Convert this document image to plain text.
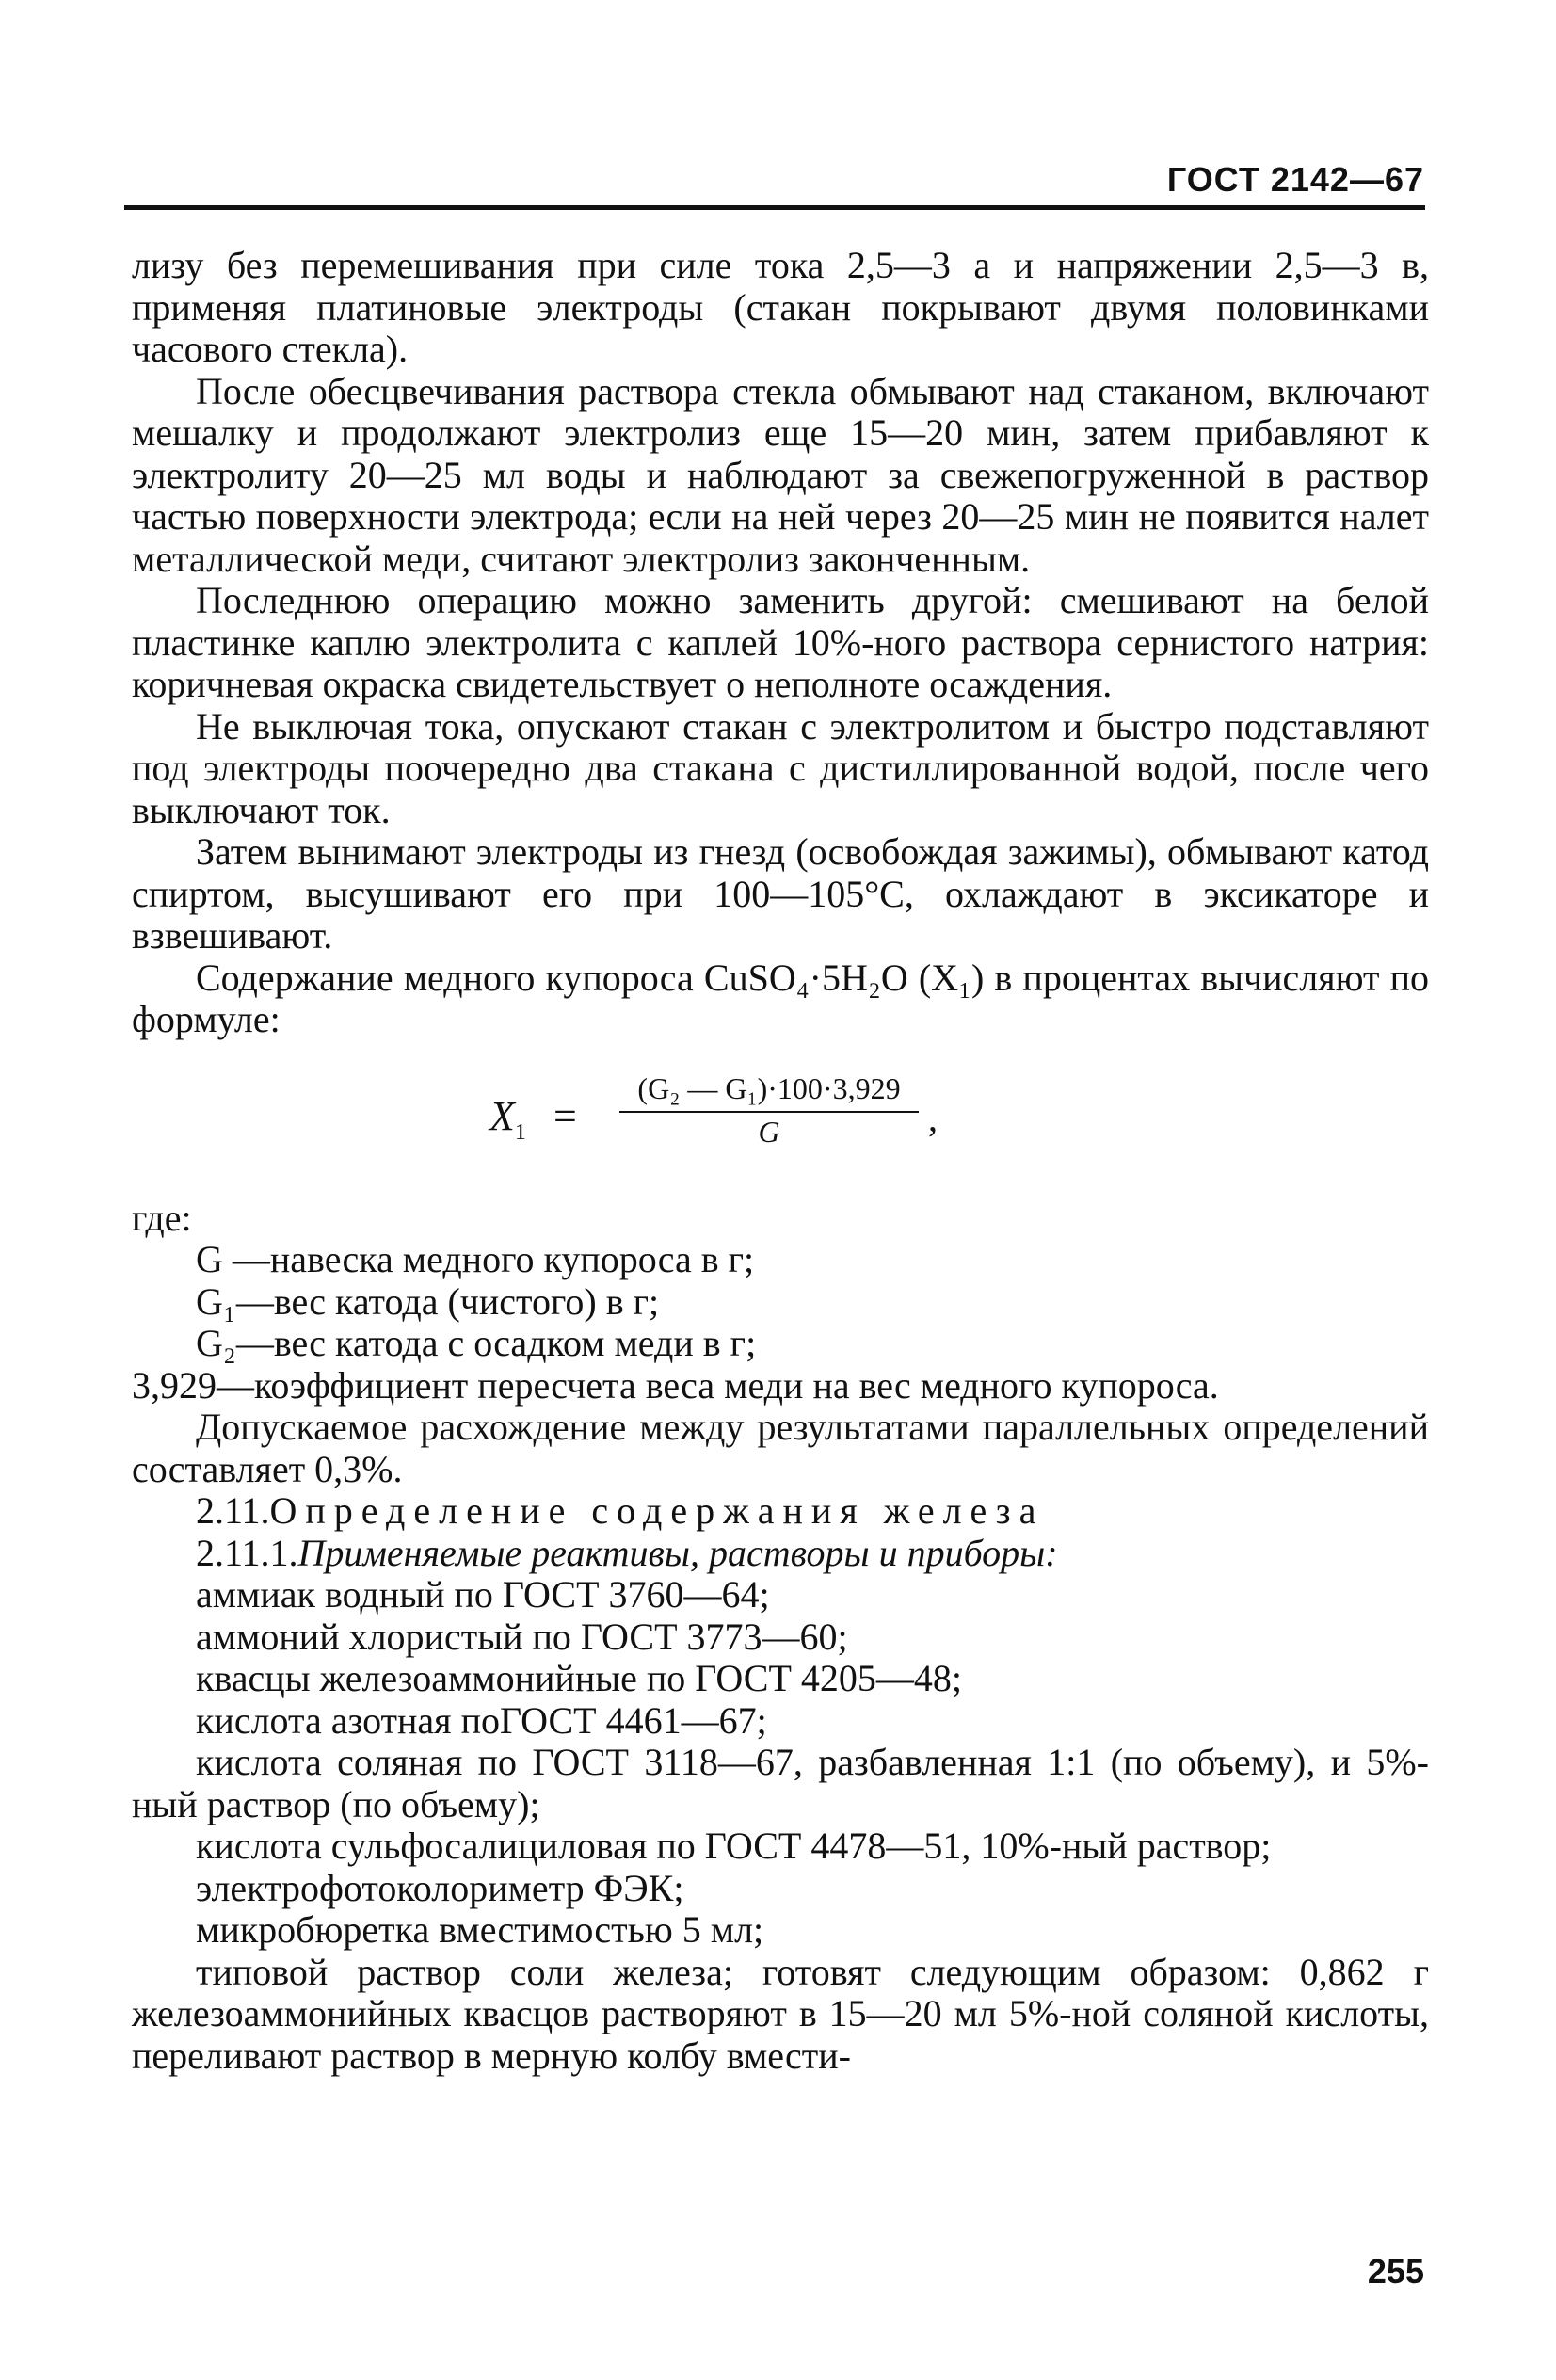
ГОСТ 2142—67

лизу без перемешивания при силе тока 2,5—3 а и напряжении 2,5—3 в, применяя платиновые электроды (стакан покрывают двумя половинками часового стекла).

После обесцвечивания раствора стекла обмывают над стаканом, включают мешалку и продолжают электролиз еще 15—20 мин, затем прибавляют к электролиту 20—25 мл воды и наблюдают за свежепогруженной в раствор частью поверхности электрода; если на ней через 20—25 мин не появится налет металлической меди, считают электролиз законченным.

Последнюю операцию можно заменить другой: смешивают на белой пластинке каплю электролита с каплей 10%-ного раствора сернистого натрия: коричневая окраска свидетельствует о неполноте осаждения.

Не выключая тока, опускают стакан с электролитом и быстро подставляют под электроды поочередно два стакана с дистиллированной водой, после чего выключают ток.

Затем вынимают электроды из гнезд (освобождая зажимы), обмывают катод спиртом, высушивают его при 100—105°С, охлаждают в эксикаторе и взвешивают.

Содержание медного купороса CuSO₄·5H₂O (X₁) в процентах вычисляют по формуле:

$X_1 = \frac{\text{(G₂ — G₁)·100·3,929}}{G}$ ,

где:

G —навеска медного купороса в г;

G₁—вес катода (чистого) в г;

G₂—вес катода с осадком меди в г;

3,929—коэффициент пересчета веса меди на вес медного купороса.

Допускаемое расхождение между результатами параллельных определений составляет 0,3%.

2.11.Определение содержания железа

2.11.1.Применяемые реактивы, растворы и приборы:

аммиак водный по ГОСТ 3760—64;

аммоний хлористый по ГОСТ 3773—60;

квасцы железоаммонийные по ГОСТ 4205—48;

кислота азотная поГОСТ 4461—67;

кислота соляная по ГОСТ 3118—67, разбавленная 1:1 (по объему), и 5%-ный раствор (по объему);

кислота сульфосалициловая по ГОСТ 4478—51, 10%-ный раствор;

электрофотоколориметр ФЭК;

микробюретка вместимостью 5 мл;

типовой раствор соли железа; готовят следующим образом: 0,862 г железоаммонийных квасцов растворяют в 15—20 мл 5%-ной соляной кислоты, переливают раствор в мерную колбу вмести-

255
